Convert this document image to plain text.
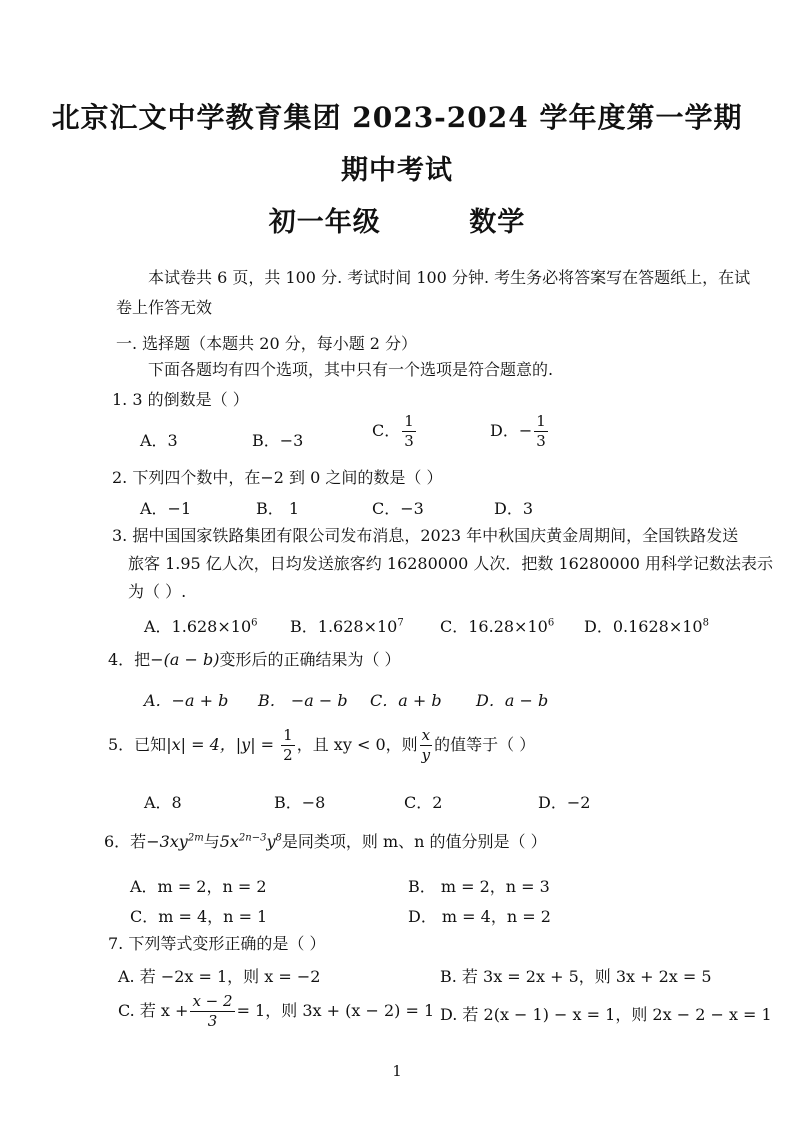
北京汇文中学教育集团 2023-2024 学年度第一学期
期中考试
初一年级	数学
本试卷共 6 页，共 100 分. 考试时间 100 分钟. 考生务必将答案写在答题纸上，在试
卷上作答无效
一. 选择题（本题共 20 分，每小题 2 分）
下面各题均有四个选项，其中只有一个选项是符合题意的.
1. 3 的倒数是（ ）
A．3	B．−3
C． $\frac{1}{3}$	D．− $\frac{1}{3}$
2. 下列四个数中，在−2 到 0 之间的数是（ ）
A．−1	B． 1	C．−3	D．3
3. 据中国国家铁路集团有限公司发布消息，2023 年中秋国庆黄金周期间，全国铁路发送
旅客 1.95 亿人次，日均发送旅客约 16280000 人次．把数 16280000 用科学记数法表示
为（ ）.
A．$1.628\times 10^6$ B．$1.628\times 10^7$ C．$16.28\times 10^6$ D．$0.1628\times 10^8$
4．把−(a − b)变形后的正确结果为（ ）
A．−a + b B． −a − b C．a + b D．a − b
5．已知|x| = 4，$|y| = \frac{1}{2}$ ，且 xy < 0，则 $\frac{x}{y}$ 的值等于（ ）
A．8	B．−8	C．2	D．−2
6．若$-3xy^{2m}$与$5x^{2n-3}y^8$是同类项，则 m、n 的值分别是（ ）
A．m = 2，n = 2	B． m = 2，n = 3
C．m = 4，n = 1	D． m = 4，n = 2
7. 下列等式变形正确的是（ ）
A. 若 −2x = 1，则 x = −2	B. 若 3x = 2x + 5，则 3x + 2x = 5
C. 若 $x + \frac{x - 2}{3} = 1$，则 3x + (x − 2) = 1 D. 若 2(x − 1) − x = 1，则 2x − 2 − x = 1
1
